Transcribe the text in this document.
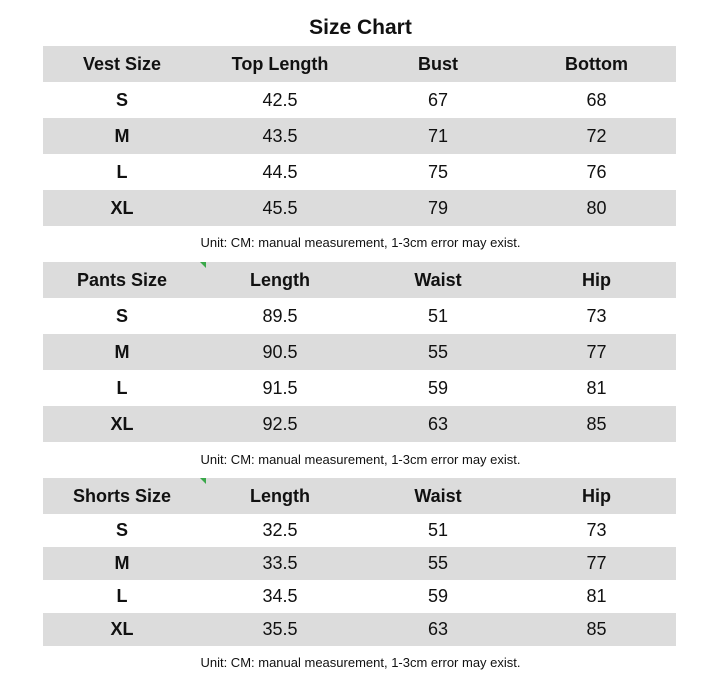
Size Chart
Vest Size	Top Length	Bust	Bottom
S	42.5	67	68
M	43.5	71	72
L	44.5	75	76
XL	45.5	79	80
Unit: CM: manual measurement, 1-3cm error may exist.
Pants Size	Length	Waist	Hip
S	89.5	51	73
M	90.5	55	77
L	91.5	59	81
XL	92.5	63	85
Unit: CM: manual measurement, 1-3cm error may exist.
Shorts Size	Length	Waist	Hip
S	32.5	51	73
M	33.5	55	77
L	34.5	59	81
XL	35.5	63	85
Unit: CM: manual measurement, 1-3cm error may exist.
